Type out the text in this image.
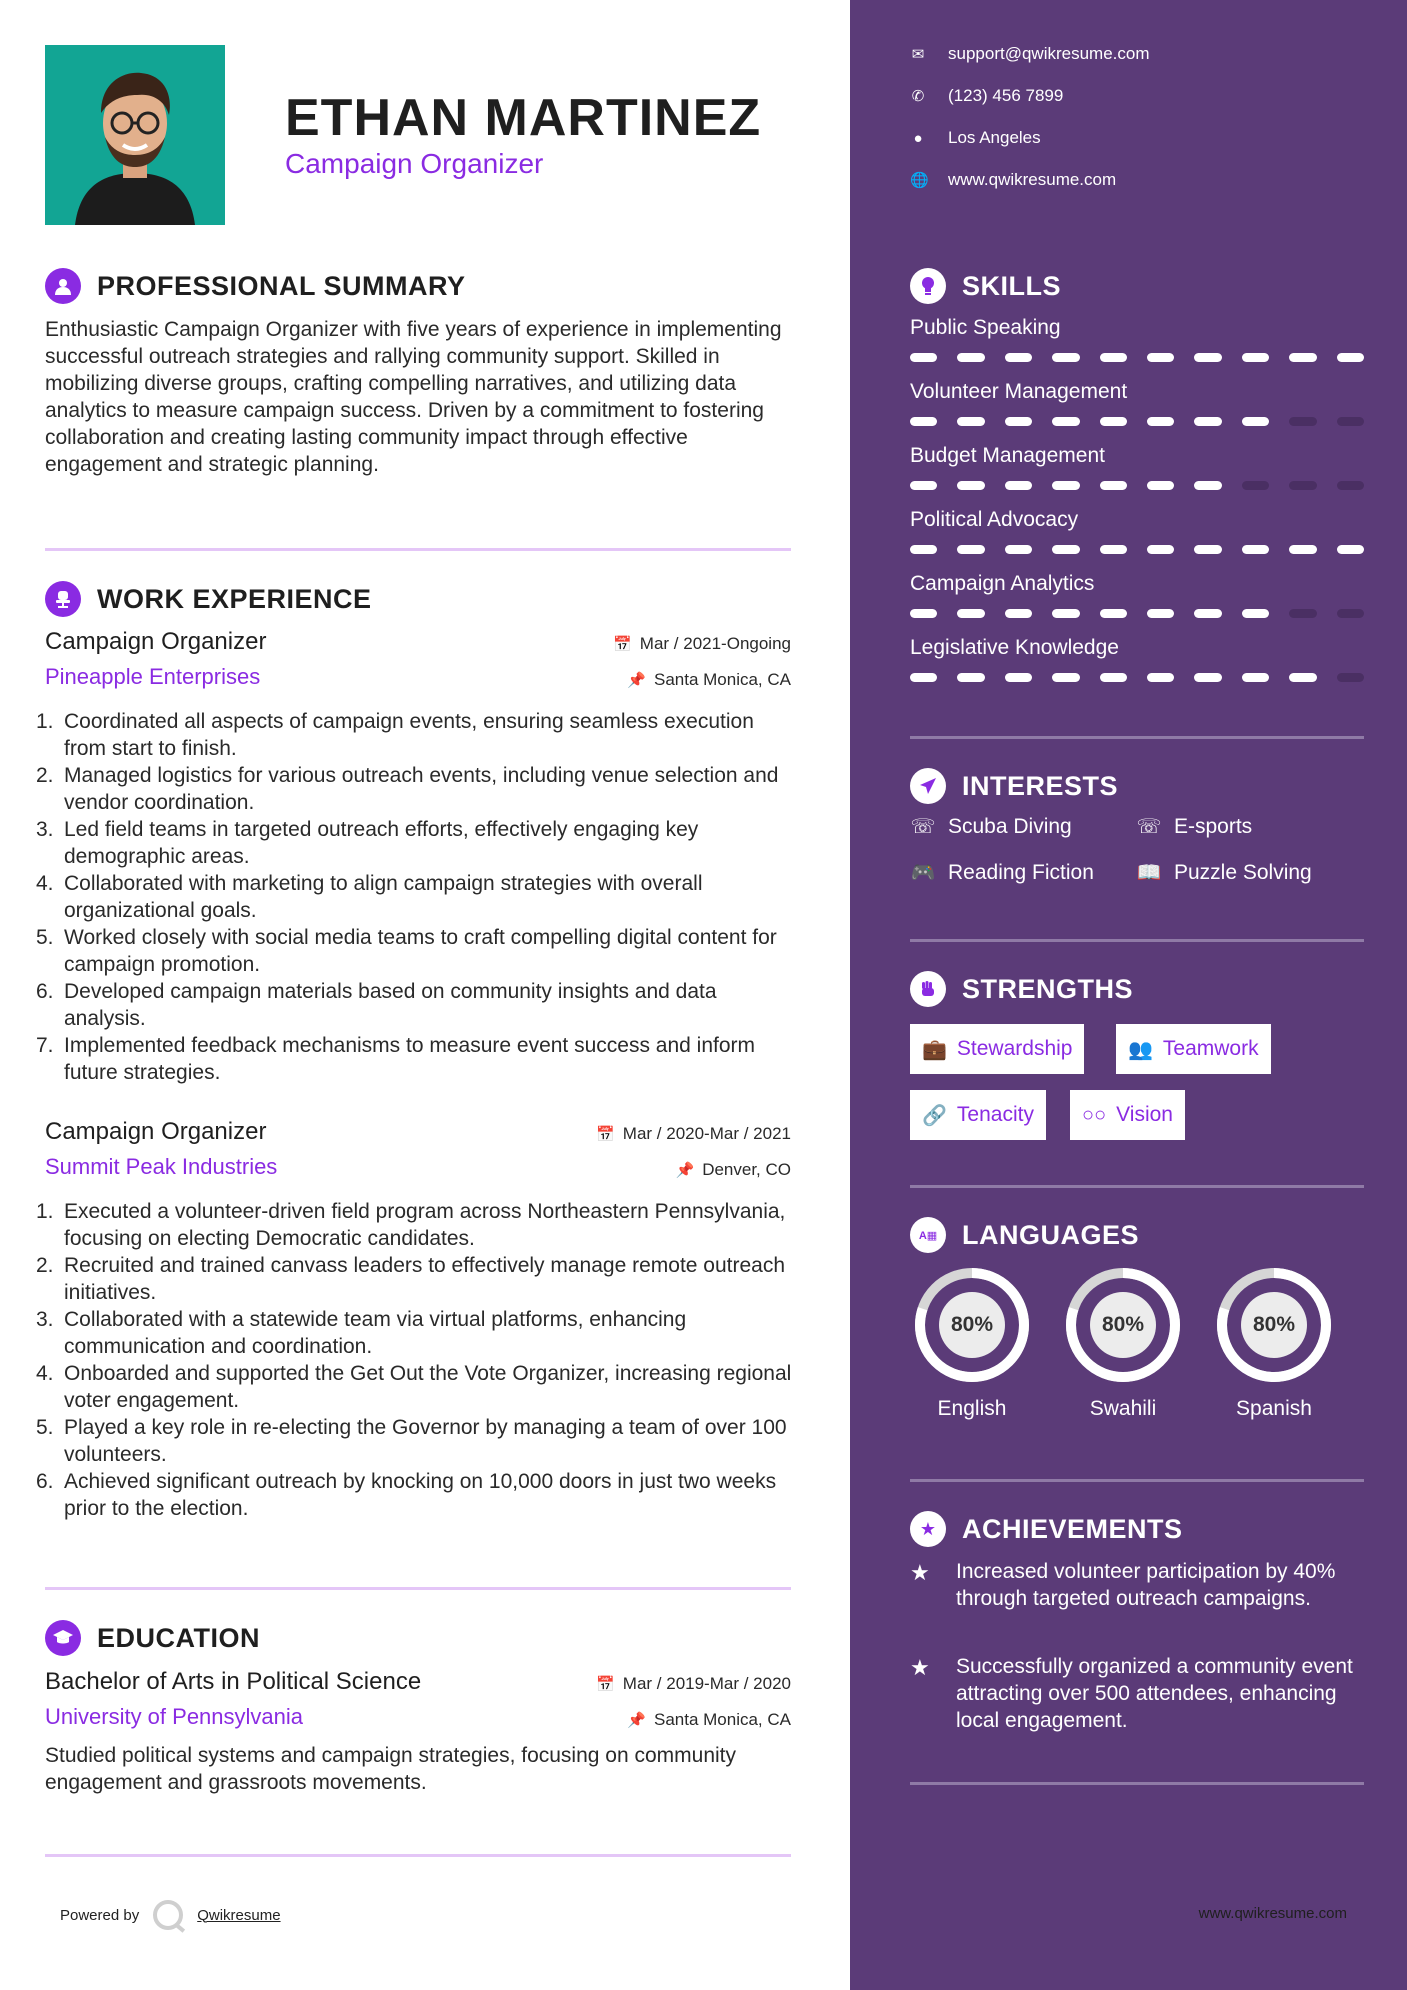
ETHAN MARTINEZ
Campaign Organizer
PROFESSIONAL SUMMARY
Enthusiastic Campaign Organizer with five years of experience in implementing successful outreach strategies and rallying community support. Skilled in mobilizing diverse groups, crafting compelling narratives, and utilizing data analytics to measure campaign success. Driven by a commitment to fostering collaboration and creating lasting community impact through effective engagement and strategic planning.
WORK EXPERIENCE
Campaign Organizer	📅 Mar / 2021-Ongoing
Pineapple Enterprises	📌 Santa Monica, CA
1. Coordinated all aspects of campaign events, ensuring seamless execution from start to finish.
2. Managed logistics for various outreach events, including venue selection and vendor coordination.
3. Led field teams in targeted outreach efforts, effectively engaging key demographic areas.
4. Collaborated with marketing to align campaign strategies with overall organizational goals.
5. Worked closely with social media teams to craft compelling digital content for campaign promotion.
6. Developed campaign materials based on community insights and data analysis.
7. Implemented feedback mechanisms to measure event success and inform future strategies.
Campaign Organizer	📅 Mar / 2020-Mar / 2021
Summit Peak Industries	📌 Denver, CO
1. Executed a volunteer-driven field program across Northeastern Pennsylvania, focusing on electing Democratic candidates.
2. Recruited and trained canvass leaders to effectively manage remote outreach initiatives.
3. Collaborated with a statewide team via virtual platforms, enhancing communication and coordination.
4. Onboarded and supported the Get Out the Vote Organizer, increasing regional voter engagement.
5. Played a key role in re-electing the Governor by managing a team of over 100 volunteers.
6. Achieved significant outreach by knocking on 10,000 doors in just two weeks prior to the election.
EDUCATION
Bachelor of Arts in Political Science	📅 Mar / 2019-Mar / 2020
University of Pennsylvania	📌 Santa Monica, CA
Studied political systems and campaign strategies, focusing on community engagement and grassroots movements.
Powered by	Qwikresume
✉ support@qwikresume.com
✆ (123) 456 7899
● Los Angeles
🌐 www.qwikresume.com
SKILLS
Public Speaking
Volunteer Management
Budget Management
Political Advocacy
Campaign Analytics
Legislative Knowledge
INTERESTS
☏ Scuba Diving	☏ E-sports
🎮 Reading Fiction 📖 Puzzle Solving
STRENGTHS
💼 Stewardship	👥 Teamwork
🔗 Tenacity ○○ Vision
A▦ LANGUAGES
80%
English
80%
Swahili
80%
Spanish
★ ACHIEVEMENTS
★	Increased volunteer participation by 40% through targeted outreach campaigns.
★	Successfully organized a community event attracting over 500 attendees, enhancing local engagement.
www.qwikresume.com
